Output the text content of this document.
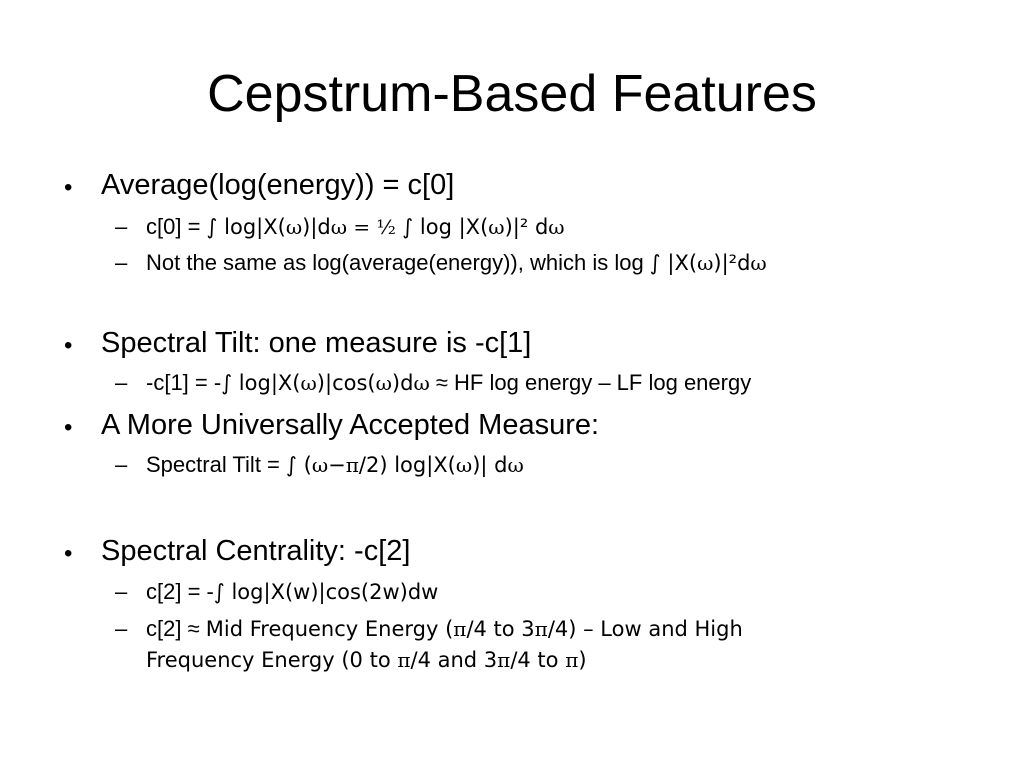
Cepstrum-Based Features
• Average(log(energy)) = c[0]
– c[0] = ∫ log|X(ω)|dω = ½ ∫ log |X(ω)|² dω
– Not the same as log(average(energy)), which is log ∫ |X(ω)|²dω
• Spectral Tilt: one measure is -c[1]
– -c[1] = -∫ log|X(ω)|cos(ω)dω ≈ HF log energy – LF log energy
• A More Universally Accepted Measure:
– Spectral Tilt = ∫ (ω−π/2) log|X(ω)| dω
• Spectral Centrality: -c[2]
– c[2] = -∫ log|X(w)|cos(2w)dw
– c[2] ≈ Mid Frequency Energy (π/4 to 3π/4) – Low and High
Frequency Energy (0 to π/4 and 3π/4 to π)
